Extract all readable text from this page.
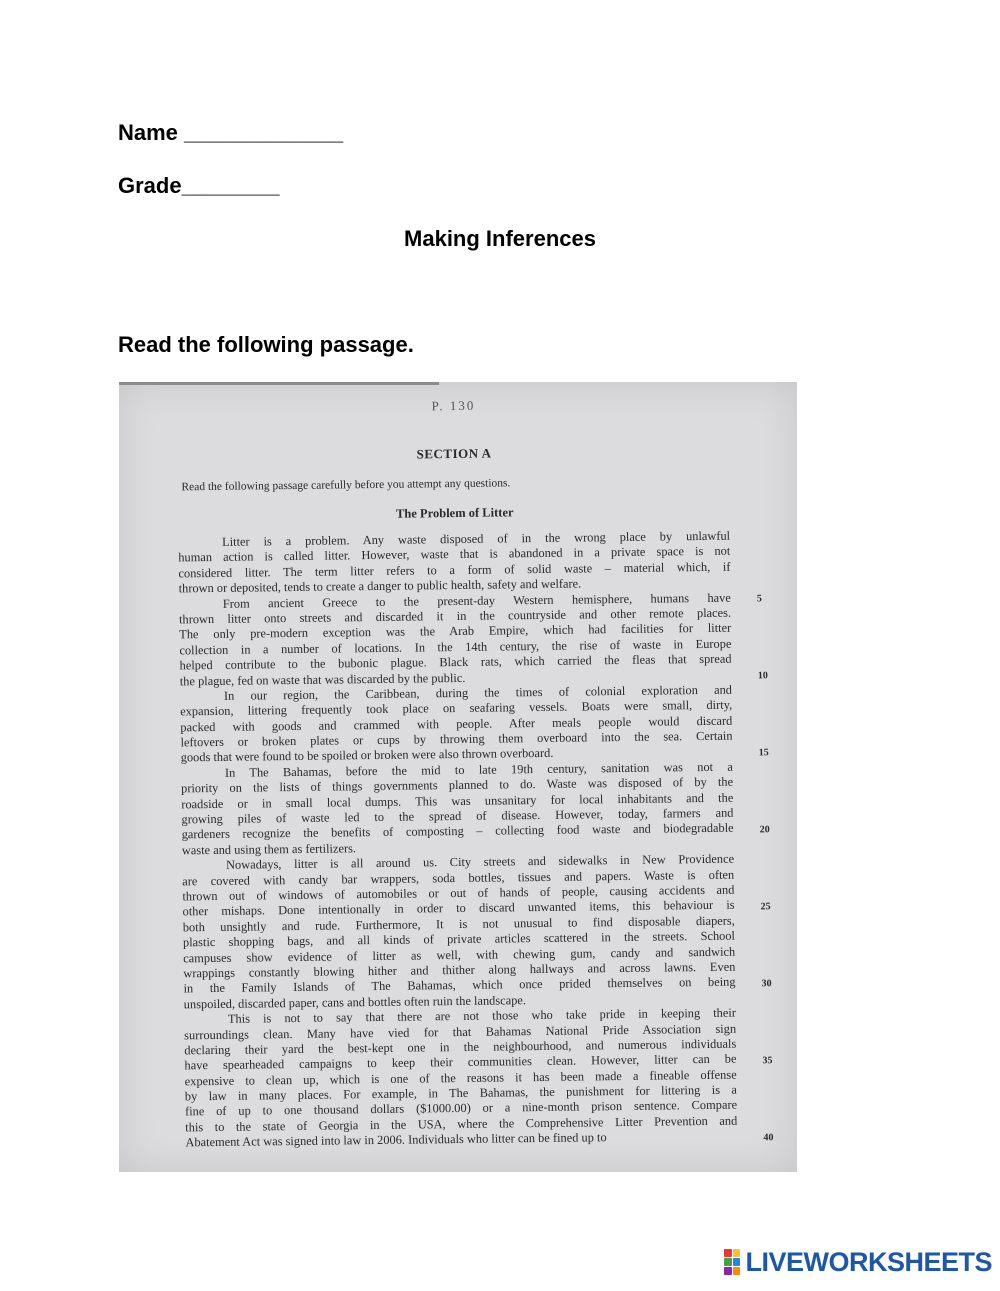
Name _____________
Grade________
Making Inferences
Read the following passage.
P. 130
SECTION A
Read the following passage carefully before you attempt any questions.
The Problem of Litter
Litter is a problem. Any waste disposed of in the wrong place by unlawful
human action is called litter. However, waste that is abandoned in a private space is not
considered litter. The term litter refers to a form of solid waste – material which, if
thrown or deposited, tends to create a danger to public health, safety and welfare.
From ancient Greece to the present-day Western hemisphere, humans have
thrown litter onto streets and discarded it in the countryside and other remote places.
The only pre-modern exception was the Arab Empire, which had facilities for litter
collection in a number of locations. In the 14th century, the rise of waste in Europe
helped contribute to the bubonic plague. Black rats, which carried the fleas that spread
the plague, fed on waste that was discarded by the public.
In our region, the Caribbean, during the times of colonial exploration and
expansion, littering frequently took place on seafaring vessels. Boats were small, dirty,
packed with goods and crammed with people. After meals people would discard
leftovers or broken plates or cups by throwing them overboard into the sea. Certain
goods that were found to be spoiled or broken were also thrown overboard.
In The Bahamas, before the mid to late 19th century, sanitation was not a
priority on the lists of things governments planned to do. Waste was disposed of by the
roadside or in small local dumps. This was unsanitary for local inhabitants and the
growing piles of waste led to the spread of disease. However, today, farmers and
gardeners recognize the benefits of composting – collecting food waste and biodegradable
waste and using them as fertilizers.
Nowadays, litter is all around us. City streets and sidewalks in New Providence
are covered with candy bar wrappers, soda bottles, tissues and papers. Waste is often
thrown out of windows of automobiles or out of hands of people, causing accidents and
other mishaps. Done intentionally in order to discard unwanted items, this behaviour is
both unsightly and rude. Furthermore, It is not unusual to find disposable diapers,
plastic shopping bags, and all kinds of private articles scattered in the streets. School
campuses show evidence of litter as well, with chewing gum, candy and sandwich
wrappings constantly blowing hither and thither along hallways and across lawns. Even
in the Family Islands of The Bahamas, which once prided themselves on being
unspoiled, discarded paper, cans and bottles often ruin the landscape.
This is not to say that there are not those who take pride in keeping their
surroundings clean. Many have vied for that Bahamas National Pride Association sign
declaring their yard the best-kept one in the neighbourhood, and numerous individuals
have spearheaded campaigns to keep their communities clean. However, litter can be
expensive to clean up, which is one of the reasons it has been made a fineable offense
by law in many places. For example, in The Bahamas, the punishment for littering is a
fine of up to one thousand dollars ($1000.00) or a nine-month prison sentence. Compare
this to the state of Georgia in the USA, where the Comprehensive Litter Prevention and
Abatement Act was signed into law in 2006. Individuals who litter can be fined up to
5
10
15
20
25
30
35
40
LIVEWORKSHEETS
